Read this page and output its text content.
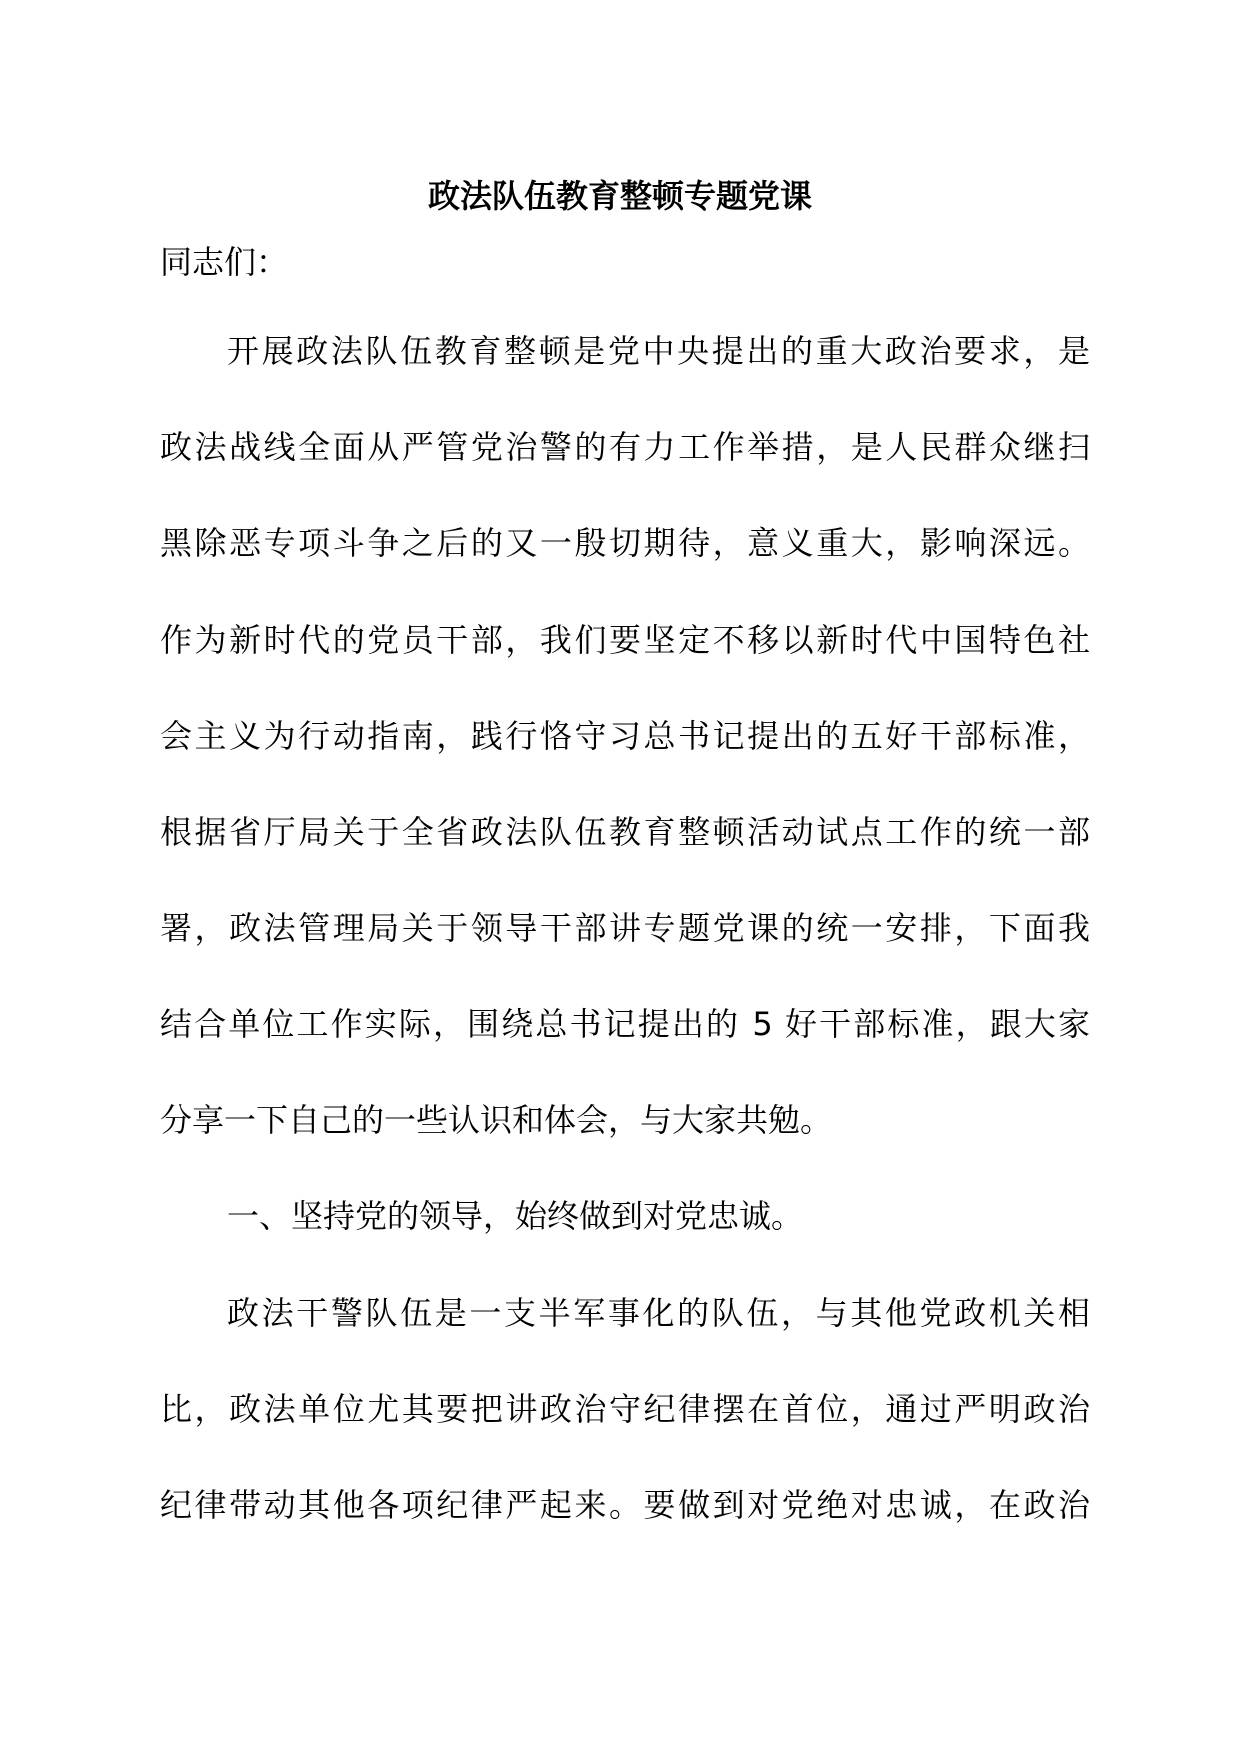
政法队伍教育整顿专题党课

同志们：

开展政法队伍教育整顿是党中央提出的重大政治要求，是

政法战线全面从严管党治警的有力工作举措，是人民群众继扫

黑除恶专项斗争之后的又一殷切期待，意义重大，影响深远。

作为新时代的党员干部，我们要坚定不移以新时代中国特色社

会主义为行动指南，践行恪守习总书记提出的五好干部标准，

根据省厅局关于全省政法队伍教育整顿活动试点工作的统一部

署，政法管理局关于领导干部讲专题党课的统一安排，下面我

结合单位工作实际，围绕总书记提出的 5 好干部标准，跟大家

分享一下自己的一些认识和体会，与大家共勉。

一、坚持党的领导，始终做到对党忠诚。

政法干警队伍是一支半军事化的队伍，与其他党政机关相

比，政法单位尤其要把讲政治守纪律摆在首位，通过严明政治

纪律带动其他各项纪律严起来。要做到对党绝对忠诚，在政治
